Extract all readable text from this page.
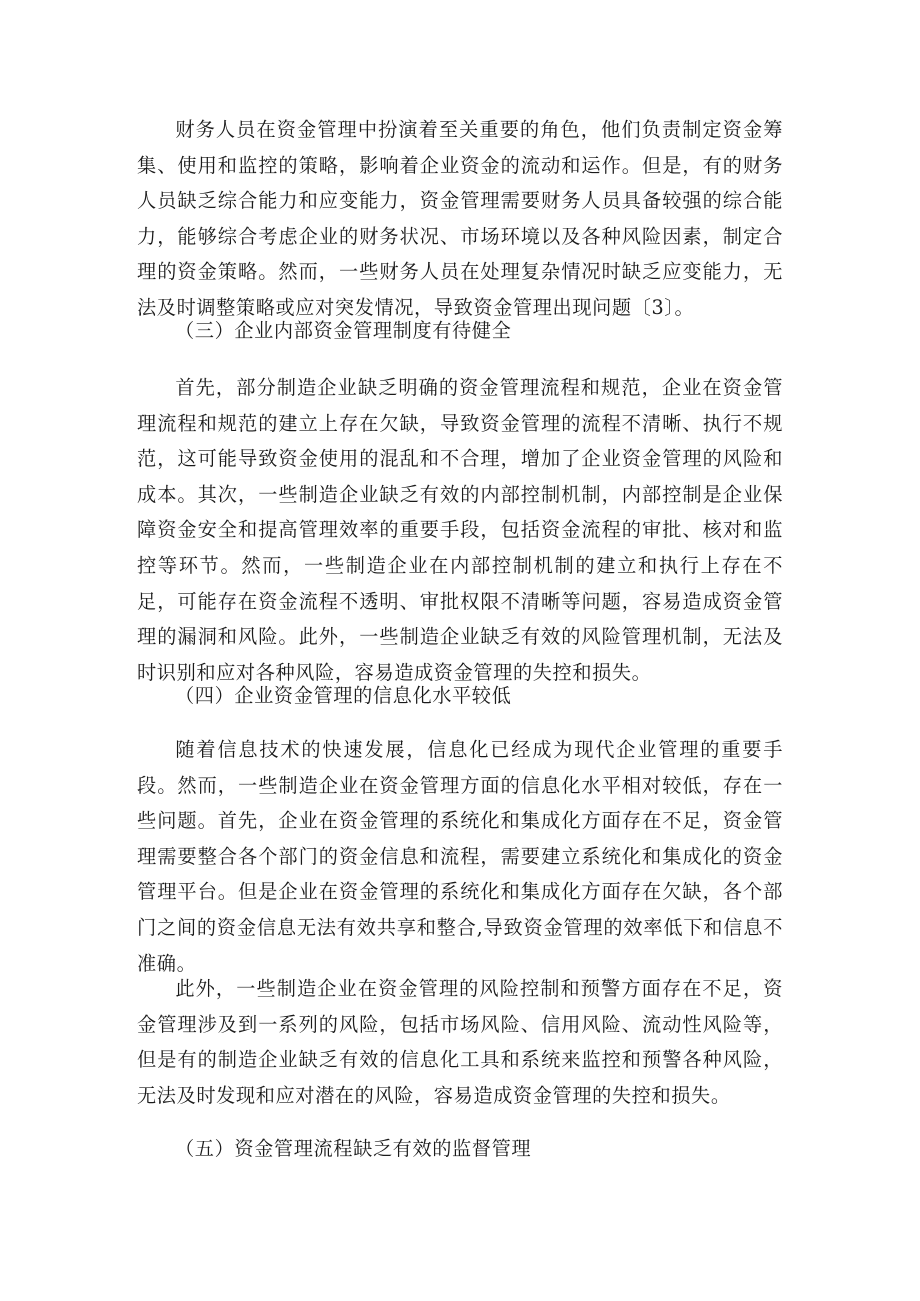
财务人员在资金管理中扮演着至关重要的角色，他们负责制定资金筹集、使用和监控的策略，影响着企业资金的流动和运作。但是，有的财务人员缺乏综合能力和应变能力，资金管理需要财务人员具备较强的综合能力，能够综合考虑企业的财务状况、市场环境以及各种风险因素，制定合理的资金策略。然而，一些财务人员在处理复杂情况时缺乏应变能力，无法及时调整策略或应对突发情况，导致资金管理出现问题〔3〕。

（三）企业内部资金管理制度有待健全

首先，部分制造企业缺乏明确的资金管理流程和规范，企业在资金管理流程和规范的建立上存在欠缺，导致资金管理的流程不清晰、执行不规范，这可能导致资金使用的混乱和不合理，增加了企业资金管理的风险和成本。其次，一些制造企业缺乏有效的内部控制机制，内部控制是企业保障资金安全和提高管理效率的重要手段，包括资金流程的审批、核对和监控等环节。然而，一些制造企业在内部控制机制的建立和执行上存在不足，可能存在资金流程不透明、审批权限不清晰等问题，容易造成资金管理的漏洞和风险。此外，一些制造企业缺乏有效的风险管理机制，无法及时识别和应对各种风险，容易造成资金管理的失控和损失。

（四）企业资金管理的信息化水平较低

随着信息技术的快速发展，信息化已经成为现代企业管理的重要手段。然而，一些制造企业在资金管理方面的信息化水平相对较低，存在一些问题。首先，企业在资金管理的系统化和集成化方面存在不足，资金管理需要整合各个部门的资金信息和流程，需要建立系统化和集成化的资金管理平台。但是企业在资金管理的系统化和集成化方面存在欠缺，各个部门之间的资金信息无法有效共享和整合,导致资金管理的效率低下和信息不准确。

此外，一些制造企业在资金管理的风险控制和预警方面存在不足，资金管理涉及到一系列的风险，包括市场风险、信用风险、流动性风险等，但是有的制造企业缺乏有效的信息化工具和系统来监控和预警各种风险，无法及时发现和应对潜在的风险，容易造成资金管理的失控和损失。

（五）资金管理流程缺乏有效的监督管理
